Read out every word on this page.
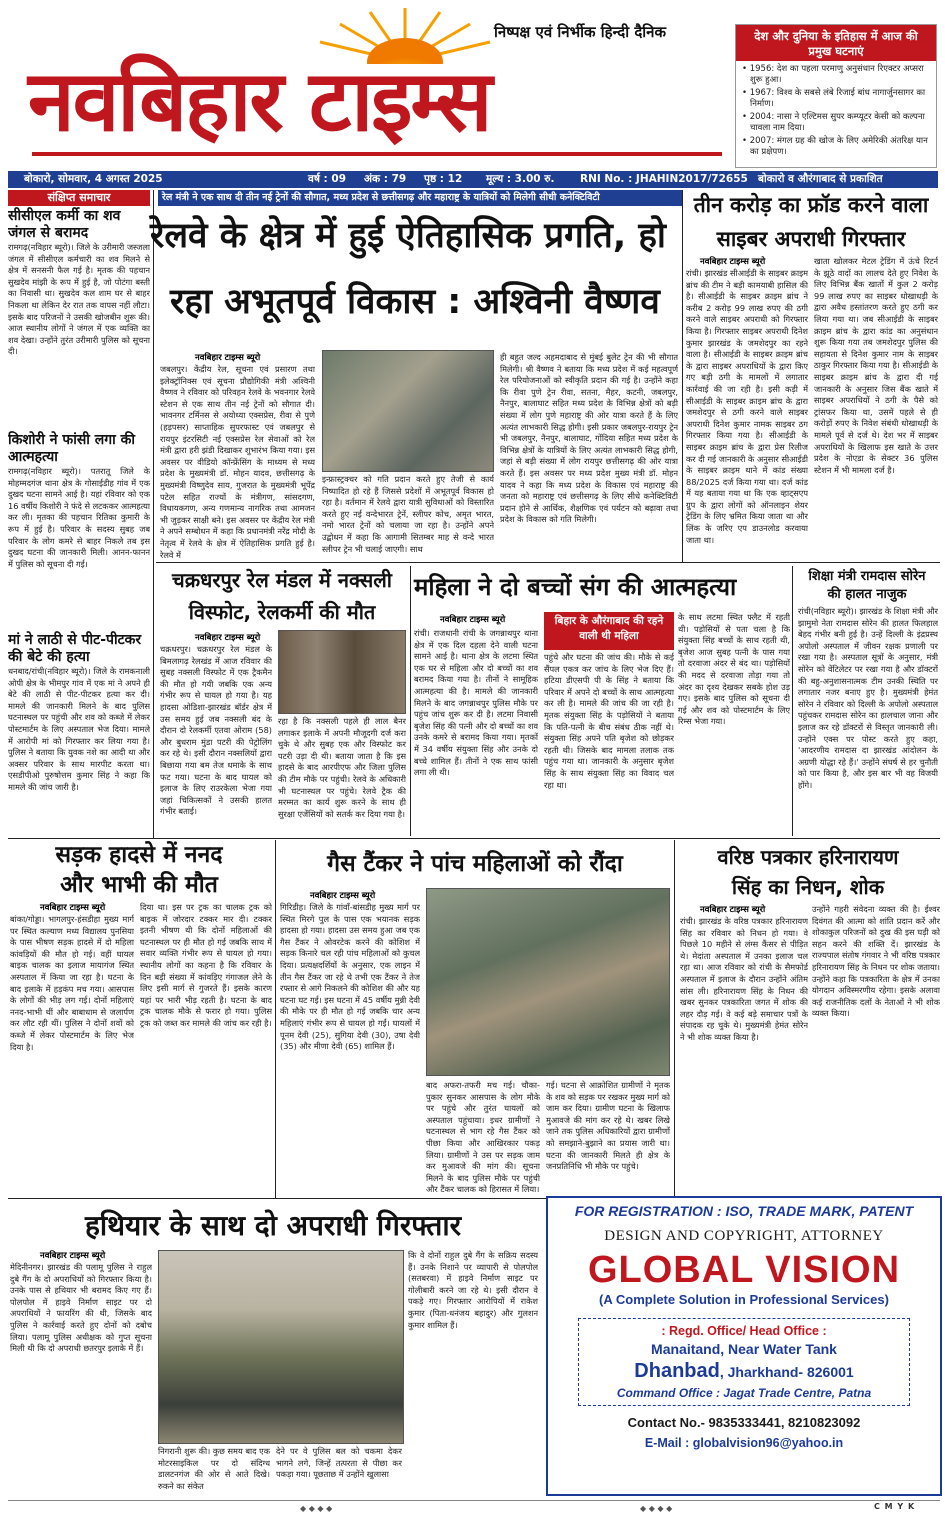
नवबिहार टाइम्स
निष्पक्ष एवं निर्भीक हिन्दी दैनिक	देश और दुनिया के इतिहास में आज की प्रमुख घटनाएं
• 1956: देश का पहला परमाणु अनुसंधान रिएक्टर अप्सरा शुरू हुआ।
• 1967: विश्व के सबसे लंबे रिजाई बांध नागार्जुनसागर का निर्माण।
• 2004: नासा ने एल्टिमस सुपर कम्प्यूटर केसी को कल्पना चावला नाम दिया।
• 2007: मंगल ग्रह की खोज के लिए अमेरिकी अंतरिक्ष यान का प्रक्षेपण।
बोकारो, सोमवार, 4 अगस्त 2025	वर्ष : 09 अंक : 79 पृष्ठ : 12 मूल्य : 3.00 रु. RNI No. : JHAHIN2017/72655 बोकारो व औरंगाबाद से प्रकाशित
संक्षिप्त समाचार
सीसीएल कर्मी का शव जंगल से बरामद
रामगढ़(नविहार ब्यूरो)। जिले के उरीमारी जस्जला जंगल में सीसीएल कर्मचारी का शव मिलने से क्षेत्र में सनसनी फैल गई है। मृतक की पहचान सुखदेव मांझी के रूप में हुई है, जो पोटंगा बस्ती का निवासी था। सुखदेव कल शाम घर से बाहर निकला था लेकिन देर रात तक वापस नहीं लौटा। इसके बाद परिजनों ने उसकी खोजबीन शुरू की। आज स्थानीय लोगों ने जंगल में एक व्यक्ति का शव देखा। उन्होंने तुरंत उरीमारी पुलिस को सूचना दी।
किशोरी ने फांसी लगा की आत्महत्या
रामगढ़(नविहार ब्यूरो)। पतरातू जिले के मोहम्मदगंज थाना क्षेत्र के गोसाईडीह गांव में एक दुखद घटना सामने आई है। यहां रविवार को एक 16 वर्षीय किशोरी ने फंदे से लटककर आत्महत्या कर ली। मृतका की पहचान रितिका कुमारी के रूप में हुई है। परिवार के सदस्य सुबह जब परिवार के लोग कमरे से बाहर निकले तब इस दुखद घटना की जानकारी मिली। आनन-फानन में पुलिस को सूचना दी गई।
मां ने लाठी से पीट-पीटकर की बेटे की हत्या
धनबाद/रांची(नविहार ब्यूरो)। जिले के रामकनाली ओपी क्षेत्र के भीमपुर गांव में एक मां ने अपने ही बेटे की लाठी से पीट-पीटकर हत्या कर दी। मामले की जानकारी मिलने के बाद पुलिस घटनास्थल पर पहुंची और शव को कब्जे में लेकर पोस्टमार्टम के लिए अस्पताल भेज दिया। मामले में आरोपी मां को गिरफ्तार कर लिया गया है। पुलिस ने बताया कि युवक नशे का आदी था और अक्सर परिवार के साथ मारपीट करता था। एसडीपीओ पुरुषोत्तम कुमार सिंह ने कहा कि मामले की जांच जारी है।
रेल मंत्री ने एक साथ दी तीन नई ट्रेनों की सौगात, मध्य प्रदेश से छत्तीसगढ़ और महाराष्ट्र के यात्रियों को मिलेगी सीधी कनेक्टिविटी
रेलवे के क्षेत्र में हुई ऐतिहासिक प्रगति, हो
रहा अभूतपूर्व विकास : अश्विनी वैष्णव
नवबिहार टाइम्स ब्यूरो
जबलपुर। केंद्रीय रेल, सूचना एवं प्रसारण तथा इलेक्ट्रॉनिक्स एवं सूचना प्रौद्योगिकी मंत्री अश्विनी वैष्णव ने रविवार को परिवहन रेलवे के भवनगार रेलवे स्टेशन से एक साथ तीन नई ट्रेनों को सौगात दी। भावनगर टर्मिनस से अयोध्या एक्सप्रेस, रीवा से पुणे (हड़पसर) साप्ताहिक सुपरफास्ट एवं जबलपुर से रायपुर इंटरसिटी नई एक्सप्रेस रेल सेवाओं को रेल मंत्री द्वारा हरी झंडी दिखाकर शुभारंभ किया गया। इस अवसर पर वीडियो कॉन्फ्रेंसिंग के माध्यम से मध्य प्रदेश के मुख्यमंत्री डॉ. मोहन यादव, छत्तीसगढ़ के मुख्यमंत्री विष्णुदेव साय, गुजरात के मुख्यमंत्री भूपेंद्र पटेल सहित राज्यों के मंत्रीगण, सांसदगण, विधायकगण, अन्य गणमान्य नागरिक तथा आमजन भी जुड़कर साक्षी बने। इस अवसर पर केंद्रीय रेल मंत्री ने अपने सम्बोधन में कहा कि प्रधानमंत्री नरेंद्र मोदी के नेतृत्व में रेलवे के क्षेत्र में ऐतिहासिक प्रगति हुई है। रेलवे में
इन्फ्रास्ट्रक्चर को गति प्रदान करते हुए तेजी से कार्य निष्पादित हो रहे हैं जिससे प्रदेशों में अभूतपूर्व विकास हो रहा है। वर्तमान में रेलवे द्वारा यात्री सुविधाओं को विस्तारित करते हुए नई वन्देभारत ट्रेनें, स्लीपर कोच, अमृत भारत, नमो भारत ट्रेनों को चलाया जा रहा है। उन्होंने अपने उद्बोधन में कहा कि आगामी सितम्बर माह से वन्दे भारत स्लीपर ट्रेन भी चलाई जाएगी। साथ
ही बहुत जल्द अहमदाबाद से मुंबई बुलेट ट्रेन की भी सौगात मिलेगी। श्री वैष्णव ने बताया कि मध्य प्रदेश में कई महत्वपूर्ण रेल परियोजनाओं को स्वीकृति प्रदान की गई है। उन्होंने कहा कि रीवा पुणे ट्रेन रीवा, सतना, मैहर, कटनी, जबलपुर, नैनपुर, बालाघाट सहित मध्य प्रदेश के विभिन्न क्षेत्रों को बड़ी संख्या में लोग पुणे महाराष्ट्र की ओर यात्रा करते हैं के लिए अत्यंत लाभकारी सिद्ध होगी। इसी प्रकार जबलपुर-रायपुर ट्रेन भी जबलपुर, नैनपुर, बालाघाट, गोंदिया सहित मध्य प्रदेश के विभिन्न क्षेत्रों के यात्रियों के लिए अत्यंत लाभकारी सिद्ध होगी, जहां से बड़ी संख्या में लोग रायपुर छत्तीसगढ़ की ओर यात्रा करते हैं। इस अवसर पर मध्य प्रदेश मुख्य मंत्री डॉ. मोहन यादव ने कहा कि मध्य प्रदेश के विकास एवं महाराष्ट्र की जनता को महाराष्ट्र एवं छत्तीसगढ़ के लिए सीधे कनेक्टिविटी प्रदान होने से आर्थिक, शैक्षणिक एवं पर्यटन को बढ़ावा तथा प्रदेश के विकास को गति मिलेगी।
तीन करोड़ का फ्रॉड करने वाला
साइबर अपराधी गिरफ्तार
नवबिहार टाइम्स ब्यूरो
रांची। झारखंड सीआईडी के साइबर क्राइम ब्रांच की टीम ने बड़ी कामयाबी हासिल की है। सीआईडी के साइबर क्राइम ब्रांच ने करीब 2 करोड़ 99 लाख रुपए की ठगी करने वाले साइबर अपराधी को गिरफ्तार किया है। गिरफ्तार साइबर अपराधी दिनेश कुमार झारखंड के जमशेदपुर का रहने वाला है। सीआईडी के साइबर क्राइम ब्रांच के द्वारा साइबर अपराधियों के द्वारा किए गए बड़ी ठगी के मामलों में लगातार कार्रवाई की जा रही है। इसी कड़ी में सीआईडी के साइबर क्राइम ब्रांच के द्वारा जमशेदपुर से ठगी करने वाले साइबर अपराधी दिनेश कुमार नामक साइबर ठग गिरफ्तार किया गया है। सीआईडी के साइबर क्राइम ब्रांच के द्वारा प्रेस रिलीज कर दी गई जानकारी के अनुसार सीआईडी के साइबर क्राइम थाने में कांड संख्या 88/2025 दर्ज किया गया था। दर्ज कांड में यह बताया गया था कि एक व्हाट्सएप ग्रुप के द्वारा लोगों को ऑनलाइन शेयर ट्रेडिंग के लिए भ्रमित किया जाता था और लिंक के जरिए एप डाउनलोड करवाया जाता था।
खाता खोलकर मेटल ट्रेडिंग में ऊंचे रिटर्न के झूठे वादों का लालच देते हुए निवेश के लिए विभिन्न बैंक खातों में कुल 2 करोड़ 99 लाख रुपए का साइबर धोखाधड़ी के द्वारा अवैध हस्तांतरण करते हुए ठगी कर लिया गया था। जब सीआईडी के साइबर क्राइम ब्रांच के द्वारा कांड का अनुसंधान शुरू किया गया तब जमशेदपुर पुलिस की सहायता से दिनेश कुमार नाम के साइबर ठाकुर गिरफ्तार किया गया है। सीआईडी के साइबर क्राइम ब्रांच के द्वारा दी गई जानकारी के अनुसार जिस बैंक खाते में साइबर अपराधियों ने ठगी के पैसे को ट्रांसफर किया था, उसमें पहले से ही करोड़ों रुपए के निवेश संबंधी धोखाधड़ी के मामले पूर्व से दर्ज थे। देश भर में साइबर अपराधियों के खिलाफ इस खाते के उत्तर प्रदेश के नोएडा के सेक्टर 36 पुलिस स्टेशन में भी मामला दर्ज है।
चक्रधरपुर रेल मंडल में नक्सली
विस्फोट, रेलकर्मी की मौत
नवबिहार टाइम्स ब्यूरो
चक्रधरपुर। चक्रधरपुर रेल मंडल के बिमलागढ़ रेलखंड में आज रविवार की सुबह नक्सली विस्फोट में एक ट्रैकमैन की मौत हो गयी जबकि एक अन्य गंभीर रूप से घायल हो गया है। यह हादसा ओडिशा-झारखंड बॉर्डर क्षेत्र में उस समय हुई जब नक्सली बंद के दौरान दो रेलकर्मी एतवा ओराम (58) और बुधराम मुंडा पटरी की पेट्रोलिंग कर रहे थे। इसी दौरान नक्सलियों द्वारा बिछाया गया बम तेज धमाके के साथ फट गया। घटना के बाद घायल को इलाज के लिए राउरकेला भेजा गया जहां चिकित्सकों ने उसकी हालत गंभीर बताई।
रहा है कि नक्सली पहले ही लाल बैनर लगाकर इलाके में अपनी मौजूदगी दर्ज करा चुके थे और सुबह एक और विस्फोट कर पटरी उड़ा दी थी। बताया जाता है कि इस हादसे के बाद आरपीएफ और जिला पुलिस की टीम मौके पर पहुंची। रेलवे के अधिकारी भी घटनास्थल पर पहुंचे। रेलवे ट्रैक की मरम्मत का कार्य शुरू करने के साथ ही सुरक्षा एजेंसियों को सतर्क कर दिया गया है।
महिला ने दो बच्चों संग की आत्महत्या
नवबिहार टाइम्स ब्यूरो	बिहार के औरंगाबाद की रहने वाली थी महिला
रांची। राजधानी रांची के जगन्नाथपुर थाना क्षेत्र में एक दिल दहला देने वाली घटना सामने आई है। थाना क्षेत्र के लटमा स्थित एक घर से महिला और दो बच्चों का शव बरामद किया गया है। तीनों ने सामूहिक आत्महत्या की है। मामले की जानकारी मिलने के बाद जगन्नाथपुर पुलिस मौके पर पहुंच जांच शुरू कर दी है। लटमा निवासी बृजेश सिंह की पत्नी और दो बच्चों का शव उनके कमरे से बरामद किया गया। मृतकों में 34 वर्षीय संयुक्ता सिंह और उनके दो बच्चे शामिल हैं। तीनों ने एक साथ फांसी लगा ली थी।
पहुंचे और घटना की जांच की। मौके से कई सैंपल एकत्र कर जांच के लिए भेज दिए हैं। हटिया डीएसपी पी के सिंह ने बताया कि परिवार में अपने दो बच्चों के साथ आत्महत्या कर ली है। मामले की जांच की जा रही है। मृतक संयुक्ता सिंह के पड़ोसियों ने बताया कि पति-पत्नी के बीच संबंध ठीक नहीं थे। संयुक्ता सिंह अपने पति बृजेश को छोड़कर रहती थी। जिसके बाद मामला तलाक तक पहुंच गया था। जानकारी के अनुसार बृजेश सिंह के साथ संयुक्ता सिंह का विवाद चल रहा था।
के साथ लटमा स्थित फ्लैट में रहती थी। पड़ोसियों से पता चला है कि संयुक्ता सिंह बच्चों के साथ रहती थी, बृजेश आज सुबह पत्नी के पास गया तो दरवाजा अंदर से बंद था। पड़ोसियों की मदद से दरवाजा तोड़ा गया तो अंदर का दृश्य देखकर सबके होश उड़ गए। इसके बाद पुलिस को सूचना दी गई और शव को पोस्टमार्टम के लिए रिम्स भेजा गया।
शिक्षा मंत्री रामदास सोरेन
की हालत नाजुक
रांची(नविहार ब्यूरो)। झारखंड के शिक्षा मंत्री और झामुमो नेता रामदास सोरेन की हालत फिलहाल बेहद गंभीर बनी हुई है। उन्हें दिल्ली के इंद्रप्रस्थ अपोलो अस्पताल में जीवन रक्षक प्रणाली पर रखा गया है। अस्पताल सूत्रों के अनुसार, मंत्री सोरेन को वेंटिलेटर पर रखा गया है और डॉक्टरों की बहु-अनुशासनात्मक टीम उनकी स्थिति पर लगातार नजर बनाए हुए है। मुख्यमंत्री हेमंत सोरेन ने रविवार को दिल्ली के अपोलो अस्पताल पहुंचकर रामदास सोरेन का हालचाल जाना और इलाज कर रहे डॉक्टरों से विस्तृत जानकारी ली। उन्होंने एक्स पर पोस्ट करते हुए कहा, 'आदरणीय रामदास दा झारखंड आंदोलन के अग्रणी योद्धा रहे हैं।' उन्होंने संघर्ष से हर चुनौती को पार किया है, और इस बार भी वह विजयी होंगे।
सड़क हादसे में ननद
और भाभी की मौत
नवबिहार टाइम्स ब्यूरो
बांका/गोड्डा। भागलपुर-हंसडीहा मुख्य मार्ग पर स्थित कल्याण मध्य विद्यालय पुनसिया के पास भीषण सड़क हादसे में दो महिला कांवड़ियों की मौत हो गई। वहीं घायल बाइक चालक का इलाज मायागंज स्थित अस्पताल में किया जा रहा है। घटना के बाद इलाके में हड़कंप मच गया। आसपास के लोगों की भीड़ लग गई। दोनों महिलाएं ननद-भाभी थीं और बाबाधाम से जलार्पण कर लौट रही थीं। पुलिस ने दोनों शवों को कब्जे में लेकर पोस्टमार्टम के लिए भेज दिया है।
दिया था। इस पर ट्रक का चालक ट्रक को बाइक में जोरदार टक्कर मार दी। टक्कर इतनी भीषण थी कि दोनों महिलाओं की घटनास्थल पर ही मौत हो गई जबकि साथ में सवार व्यक्ति गंभीर रूप से घायल हो गया। स्थानीय लोगों का कहना है कि रविवार के दिन बड़ी संख्या में कांवड़िए गंगाजल लेने के लिए इसी मार्ग से गुजरते हैं। इसके कारण यहां पर भारी भीड़ रहती है। घटना के बाद ट्रक चालक मौके से फरार हो गया। पुलिस ट्रक को जब्त कर मामले की जांच कर रही है।
गैस टैंकर ने पांच महिलाओं को रौंदा
नवबिहार टाइम्स ब्यूरो
गिरिडीह। जिले के गांवाँ-बांसडीह मुख्य मार्ग पर स्थित मिरगे पुल के पास एक भयानक सड़क हादसा हो गया। हादसा उस समय हुआ जब एक गैस टैंकर ने ओवरटेक करने की कोशिश में सड़क किनारे चल रही पांच महिलाओं को कुचल दिया। प्रत्यक्षदर्शियों के अनुसार, एक लाइन में तीन गैस टैंकर जा रहे थे तभी एक टैंकर ने तेज रफ्तार से आगे निकलने की कोशिश की और यह घटना घट गई। इस घटना में 45 वर्षीय मुन्नी देवी की मौके पर ही मौत हो गई जबकि चार अन्य महिलाएं गंभीर रूप से घायल हो गईं। घायलों में पूनम देवी (25), सुगिया देवी (30), उषा देवी (35) और मीणा देवी (65) शामिल हैं।
बाद अफरा-तफरी मच गई। चौका-पुकार सुनकर आसपास के लोग मौके पर पहुंचे और तुरंत घायलों को अस्पताल पहुंचाया। इधर ग्रामीणों ने घटनास्थल से भाग रहे गैस टैंकर को पीछा किया और आखिरकार पकड़ लिया। ग्रामीणों ने उस पर सड़क जाम कर मुआवजे की मांग की। सूचना मिलने के बाद पुलिस मौके पर पहुंची और टैंकर चालक को हिरासत में लिया।
गई। घटना से आक्रोशित ग्रामीणों ने मृतक के शव को सड़क पर रखकर मुख्य मार्ग को जाम कर दिया। ग्रामीण घटना के खिलाफ मुआवजे की मांग कर रहे थे। खबर लिखे जाने तक पुलिस अधिकारियों द्वारा ग्रामीणों को समझाने-बुझाने का प्रयास जारी था। घटना की जानकारी मिलते ही क्षेत्र के जनप्रतिनिधि भी मौके पर पहुंचे।
वरिष्ठ पत्रकार हरिनारायण
सिंह का निधन, शोक
नवबिहार टाइम्स ब्यूरो
रांची। झारखंड के वरिष्ठ पत्रकार हरिनारायण सिंह का रविवार को निधन हो गया। वे पिछले 10 महीने से लंग्स कैंसर से पीड़ित थे। मेदांता अस्पताल में उनका इलाज चल रहा था। आज रविवार को रांची के सैमफोर्ड अस्पताल में इलाज के दौरान उन्होंने अंतिम सांस ली। हरिनारायण सिंह के निधन की खबर सुनकर पत्रकारिता जगत में शोक की लहर दौड़ गई। वे कई बड़े समाचार पत्रों के संपादक रह चुके थे। मुख्यमंत्री हेमंत सोरेन ने भी शोक व्यक्त किया है।
उन्होंने गहरी संवेदना व्यक्त की है। ईश्वर दिवंगत की आत्मा को शांति प्रदान करें और शोकाकुल परिजनों को दुख की इस घड़ी को सहन करने की शक्ति दें। झारखंड के राज्यपाल संतोष गंगवार ने भी वरिष्ठ पत्रकार हरिनारायण सिंह के निधन पर शोक जताया। उन्होंने कहा कि पत्रकारिता के क्षेत्र में उनका योगदान अविस्मरणीय रहेगा। इसके अलावा कई राजनीतिक दलों के नेताओं ने भी शोक व्यक्त किया।
हथियार के साथ दो अपराधी गिरफ्तार
नवबिहार टाइम्स ब्यूरो
मेदिनीनगर। झारखंड की पलामू पुलिस ने राहुल दुबे गैंग के दो अपराधियों को गिरफ्तार किया है। उनके पास से हथियार भी बरामद किए गए हैं। पोलपोल में हाइवे निर्माण साइट पर दो अपराधियों ने फायरिंग की थी, जिसके बाद पुलिस ने कार्रवाई करते हुए दोनों को दबोच लिया। पलामू पुलिस अधीक्षक को गुप्त सूचना मिली थी कि दो अपराधी छतरपुर इलाके में हैं।
निगरानी शुरू की। कुछ समय बाद एक मोटरसाइकिल पर दो संदिग्ध डालटनगंज की ओर से आते दिखे। रुकने का संकेत
देने पर वे पुलिस बल को चकमा देकर भागने लगे, जिन्हें तत्परता से पीछा कर पकड़ा गया। पूछताछ में उन्होंने खुलासा
कि वे दोनों राहुल दुबे गैंग के सक्रिय सदस्य हैं। उनके निशाने पर व्यापारी से पोलपोल (सतबरवा) में हाइवे निर्माण साइट पर गोलीबारी करने जा रहे थे। इसी दौरान वे पकड़े गए। गिरफ्तार आरोपियों में राकेश कुमार (पिता-धनंजय बहादुर) और गुलशन कुमार शामिल हैं।
FOR REGISTRATION : ISO, TRADE MARK, PATENT
DESIGN AND COPYRIGHT, ATTORNEY
GLOBAL VISION
(A Complete Solution in Professional Services)
: Regd. Office/ Head Office :
Manaitand, Near Water Tank
Dhanbad, Jharkhand- 826001
Command Office : Jagat Trade Centre, Patna
Contact No.- 9835333441, 8210823092
E-Mail : globalvision96@yahoo.in
◆ ◆ ◆ ◆	◆ ◆ ◆ ◆	C M Y K
